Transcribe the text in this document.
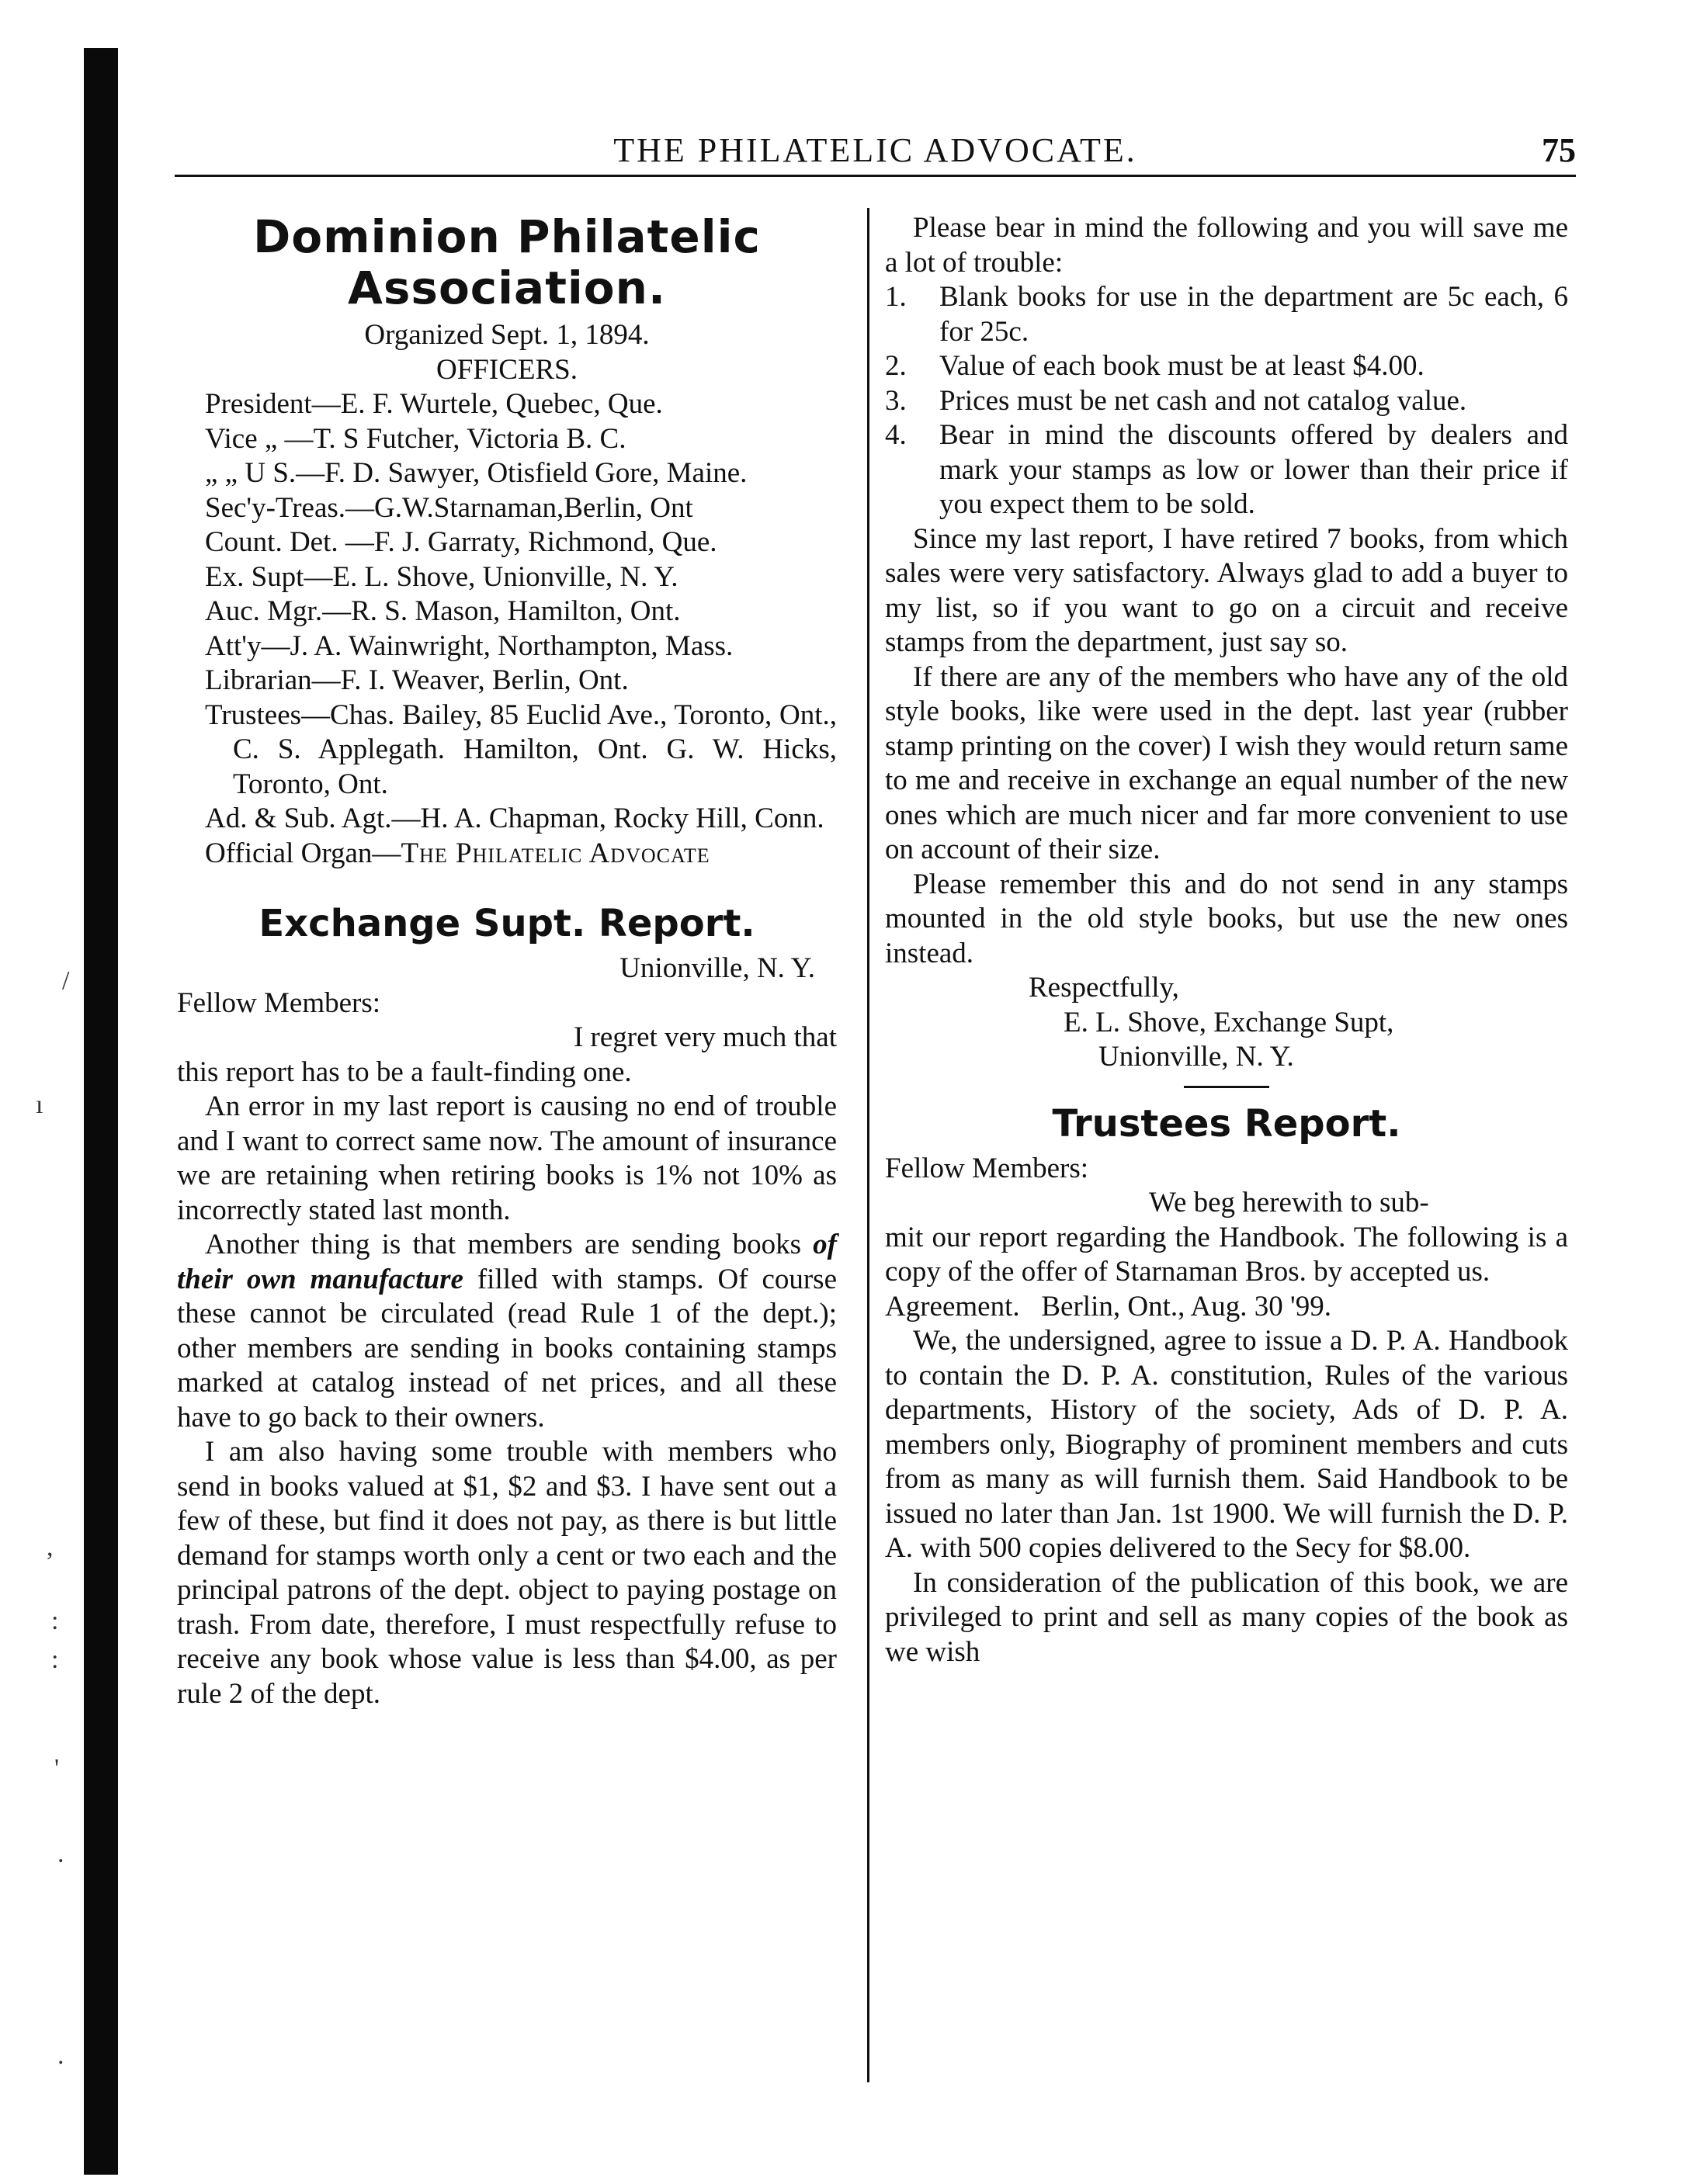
/
ı
,
:
:
'
.
.
THE PHILATELIC ADVOCATE.	75
Dominion Philatelic
Association.

Organized Sept. 1, 1894.

OFFICERS.

President—E. F. Wurtele, Quebec, Que.

Vice „ —T. S Futcher, Victoria B. C.

„ „ U S.—F. D. Sawyer, Otisfield Gore, Maine.

Sec'y-Treas.—G.W.Starnaman,Berlin, Ont

Count. Det. —F. J. Garraty, Richmond, Que.

Ex. Supt—E. L. Shove, Unionville, N. Y.

Auc. Mgr.—R. S. Mason, Hamilton, Ont.

Att'y—J. A. Wainwright, Northampton, Mass.

Librarian—F. I. Weaver, Berlin, Ont.

Trustees—Chas. Bailey, 85 Euclid Ave., Toronto, Ont., C. S. Applegath. Hamilton, Ont. G. W. Hicks, Toronto, Ont.

Ad. & Sub. Agt.—H. A. Chapman, Rocky Hill, Conn.

Official Organ—The Philatelic Advocate

Exchange Supt. Report.

Unionville, N. Y.

Fellow Members:

I regret very much that

this report has to be a fault-finding one.

An error in my last report is causing no end of trouble and I want to correct same now. The amount of insurance we are retaining when retiring books is 1% not 10% as incorrectly stated last month.

Another thing is that members are sending books of their own manufacture filled with stamps. Of course these cannot be circulated (read Rule 1 of the dept.); other members are sending in books containing stamps marked at catalog instead of net prices, and all these have to go back to their owners.

I am also having some trouble with members who send in books valued at $1, $2 and $3. I have sent out a few of these, but find it does not pay, as there is but little demand for stamps worth only a cent or two each and the principal patrons of the dept. object to paying postage on trash. From date, therefore, I must respectfully refuse to receive any book whose value is less than $4.00, as per rule 2 of the dept.

Please bear in mind the following and you will save me a lot of trouble:

1.	Blank books for use in the department are 5c each, 6 for 25c.
2.	Value of each book must be at least $4.00.
3.	Prices must be net cash and not catalog value.
4.	Bear in mind the discounts offered by dealers and mark your stamps as low or lower than their price if you expect them to be sold.

Since my last report, I have retired 7 books, from which sales were very satisfactory. Always glad to add a buyer to my list, so if you want to go on a circuit and receive stamps from the department, just say so.

If there are any of the members who have any of the old style books, like were used in the dept. last year (rubber stamp printing on the cover) I wish they would return same to me and receive in exchange an equal number of the new ones which are much nicer and far more convenient to use on account of their size.

Please remember this and do not send in any stamps mounted in the old style books, but use the new ones instead.

Respectfully,

E. L. Shove, Exchange Supt,

Unionville, N. Y.

Trustees Report.

Fellow Members:

We beg herewith to sub-

mit our report regarding the Handbook. The following is a copy of the offer of Starnaman Bros. by accepted us.

Agreement.   Berlin, Ont., Aug. 30 '99.

We, the undersigned, agree to issue a D. P. A. Handbook to contain the D. P. A. constitution, Rules of the various departments, History of the society, Ads of D. P. A. members only, Biography of prominent members and cuts from as many as will furnish them. Said Handbook to be issued no later than Jan. 1st 1900. We will furnish the D. P. A. with 500 copies delivered to the Secy for $8.00.

In consideration of the publication of this book, we are privileged to print and sell as many copies of the book as we wish
